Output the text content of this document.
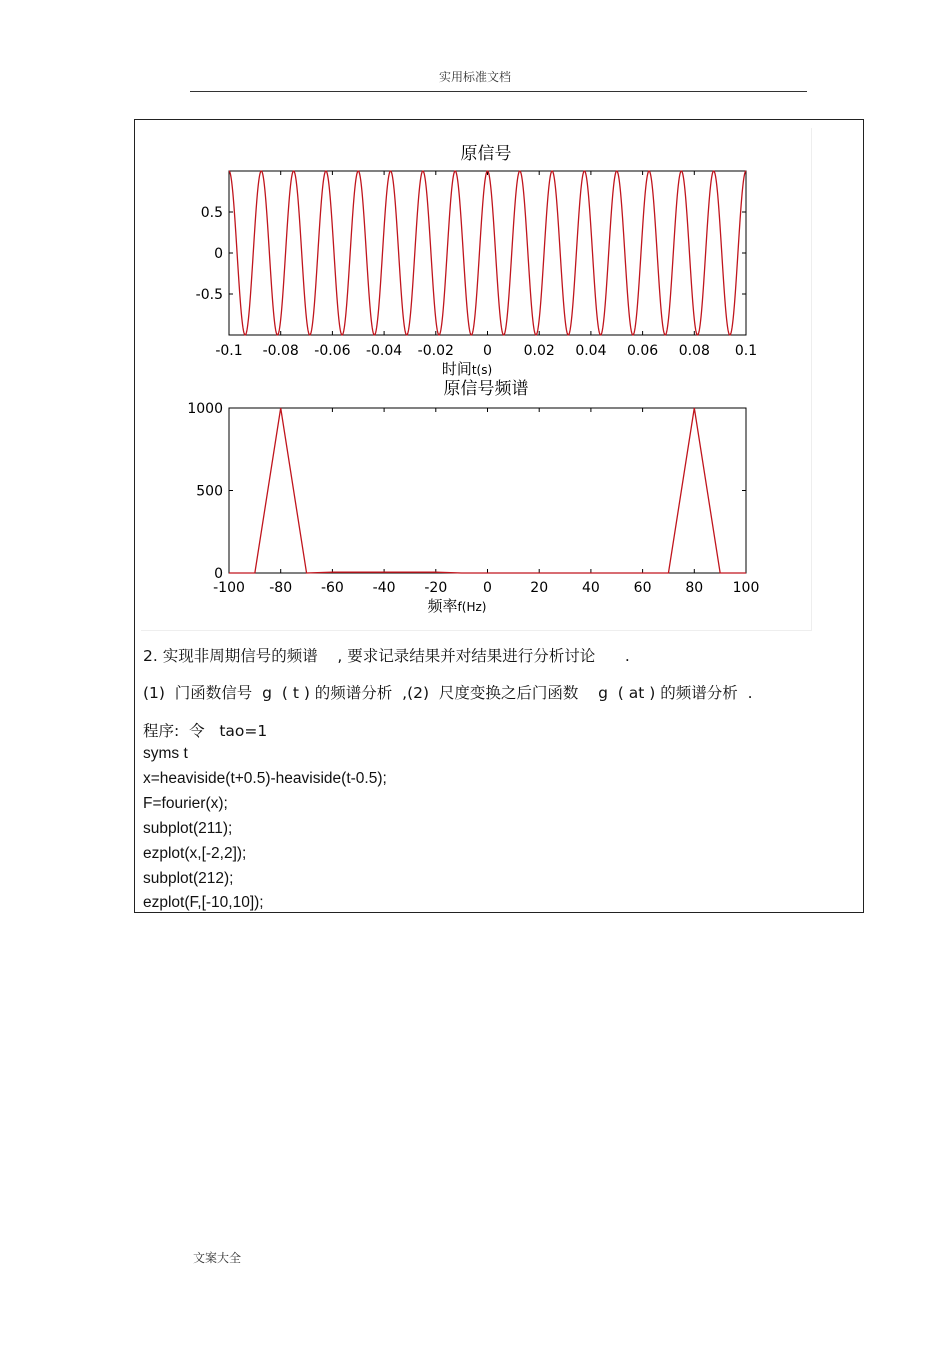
实用标准文档
原信号
-0.1 -0.08 -0.06 -0.04 -0.02 0 0.02 0.04 0.06 0.08 0.1
0.5
0
-0.5
时间t(s)
原信号频谱
-100 -80 -60 -40 -20	0	20 40 60 80 100
1000
500
0
频率f(Hz)
2. 实现非周期信号的频谱    , 要求记录结果并对结果进行分析讨论      .
(1)  门函数信号  g  ( t ) 的频谱分析  ,(2)  尺度变换之后门函数    g  ( at ) 的频谱分析  .
程序:  令   tao=1
syms t
x=heaviside(t+0.5)-heaviside(t-0.5);
F=fourier(x);
subplot(211);
ezplot(x,[-2,2]);
subplot(212);
ezplot(F,[-10,10]);
文案大全
